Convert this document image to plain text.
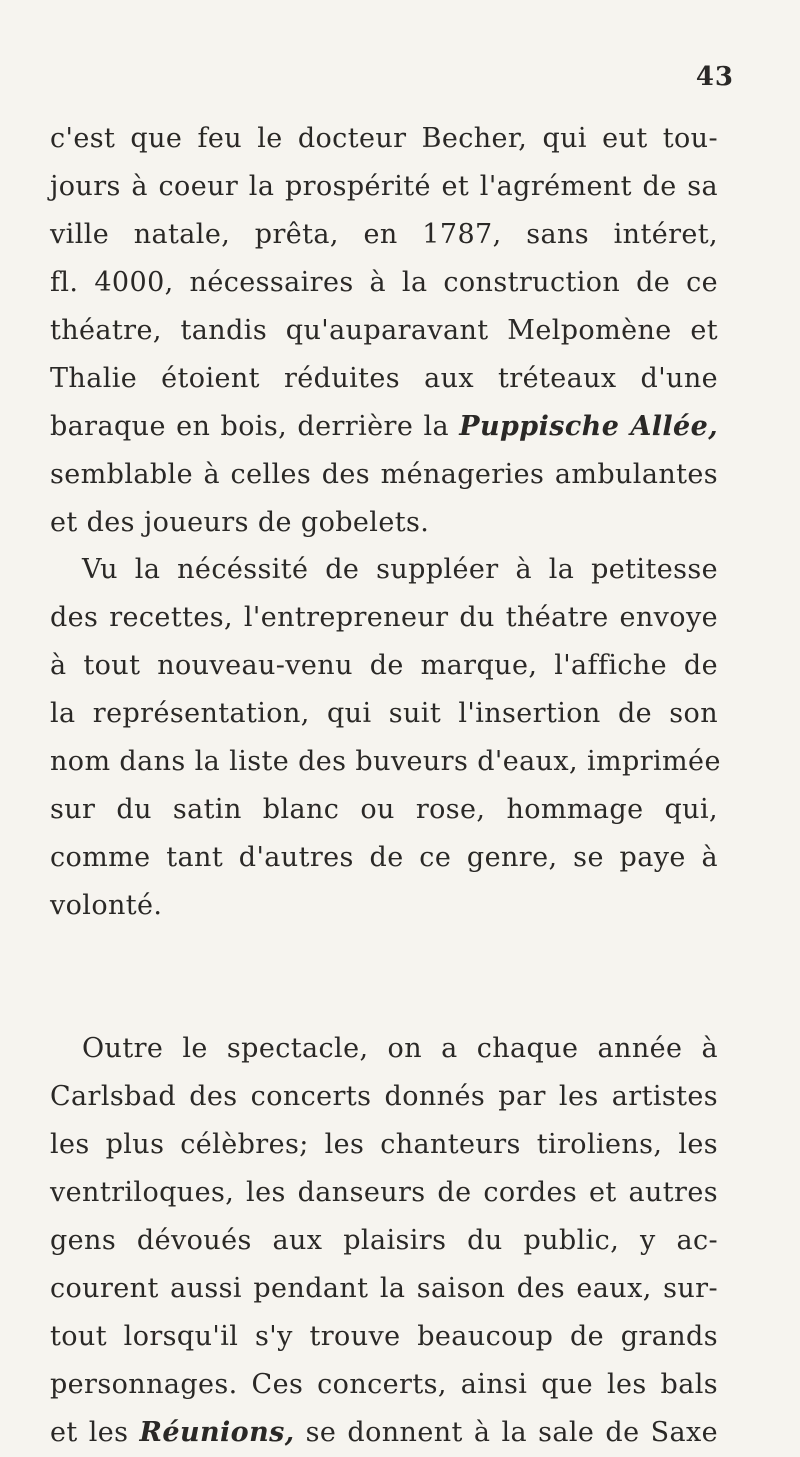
43

c'est que feu le docteur Becher, qui eut tou-
jours à coeur la prospérité et l'agrément de sa
ville natale, prêta, en 1787, sans intéret,
fl. 4000, nécessaires à la construction de ce
théatre, tandis qu'auparavant Melpomène et
Thalie étoient réduites aux tréteaux d'une
baraque en bois, derrière la Puppische Allée,
semblable à celles des ménageries ambulantes
et des joueurs de gobelets.

Vu la nécéssité de suppléer à la petitesse
des recettes, l'entrepreneur du théatre envoye
à tout nouveau-venu de marque, l'affiche de
la représentation, qui suit l'insertion de son
nom dans la liste des buveurs d'eaux, imprimée
sur du satin blanc ou rose, hommage qui,
comme tant d'autres de ce genre, se paye à
volonté.

Outre le spectacle, on a chaque année à
Carlsbad des concerts donnés par les artistes
les plus célèbres; les chanteurs tiroliens, les
ventriloques, les danseurs de cordes et autres
gens dévoués aux plaisirs du public, y ac-
courent aussi pendant la saison des eaux, sur-
tout lorsqu'il s'y trouve beaucoup de grands
personnages. Ces concerts, ainsi que les bals
et les Réunions, se donnent à la sale de Saxe
